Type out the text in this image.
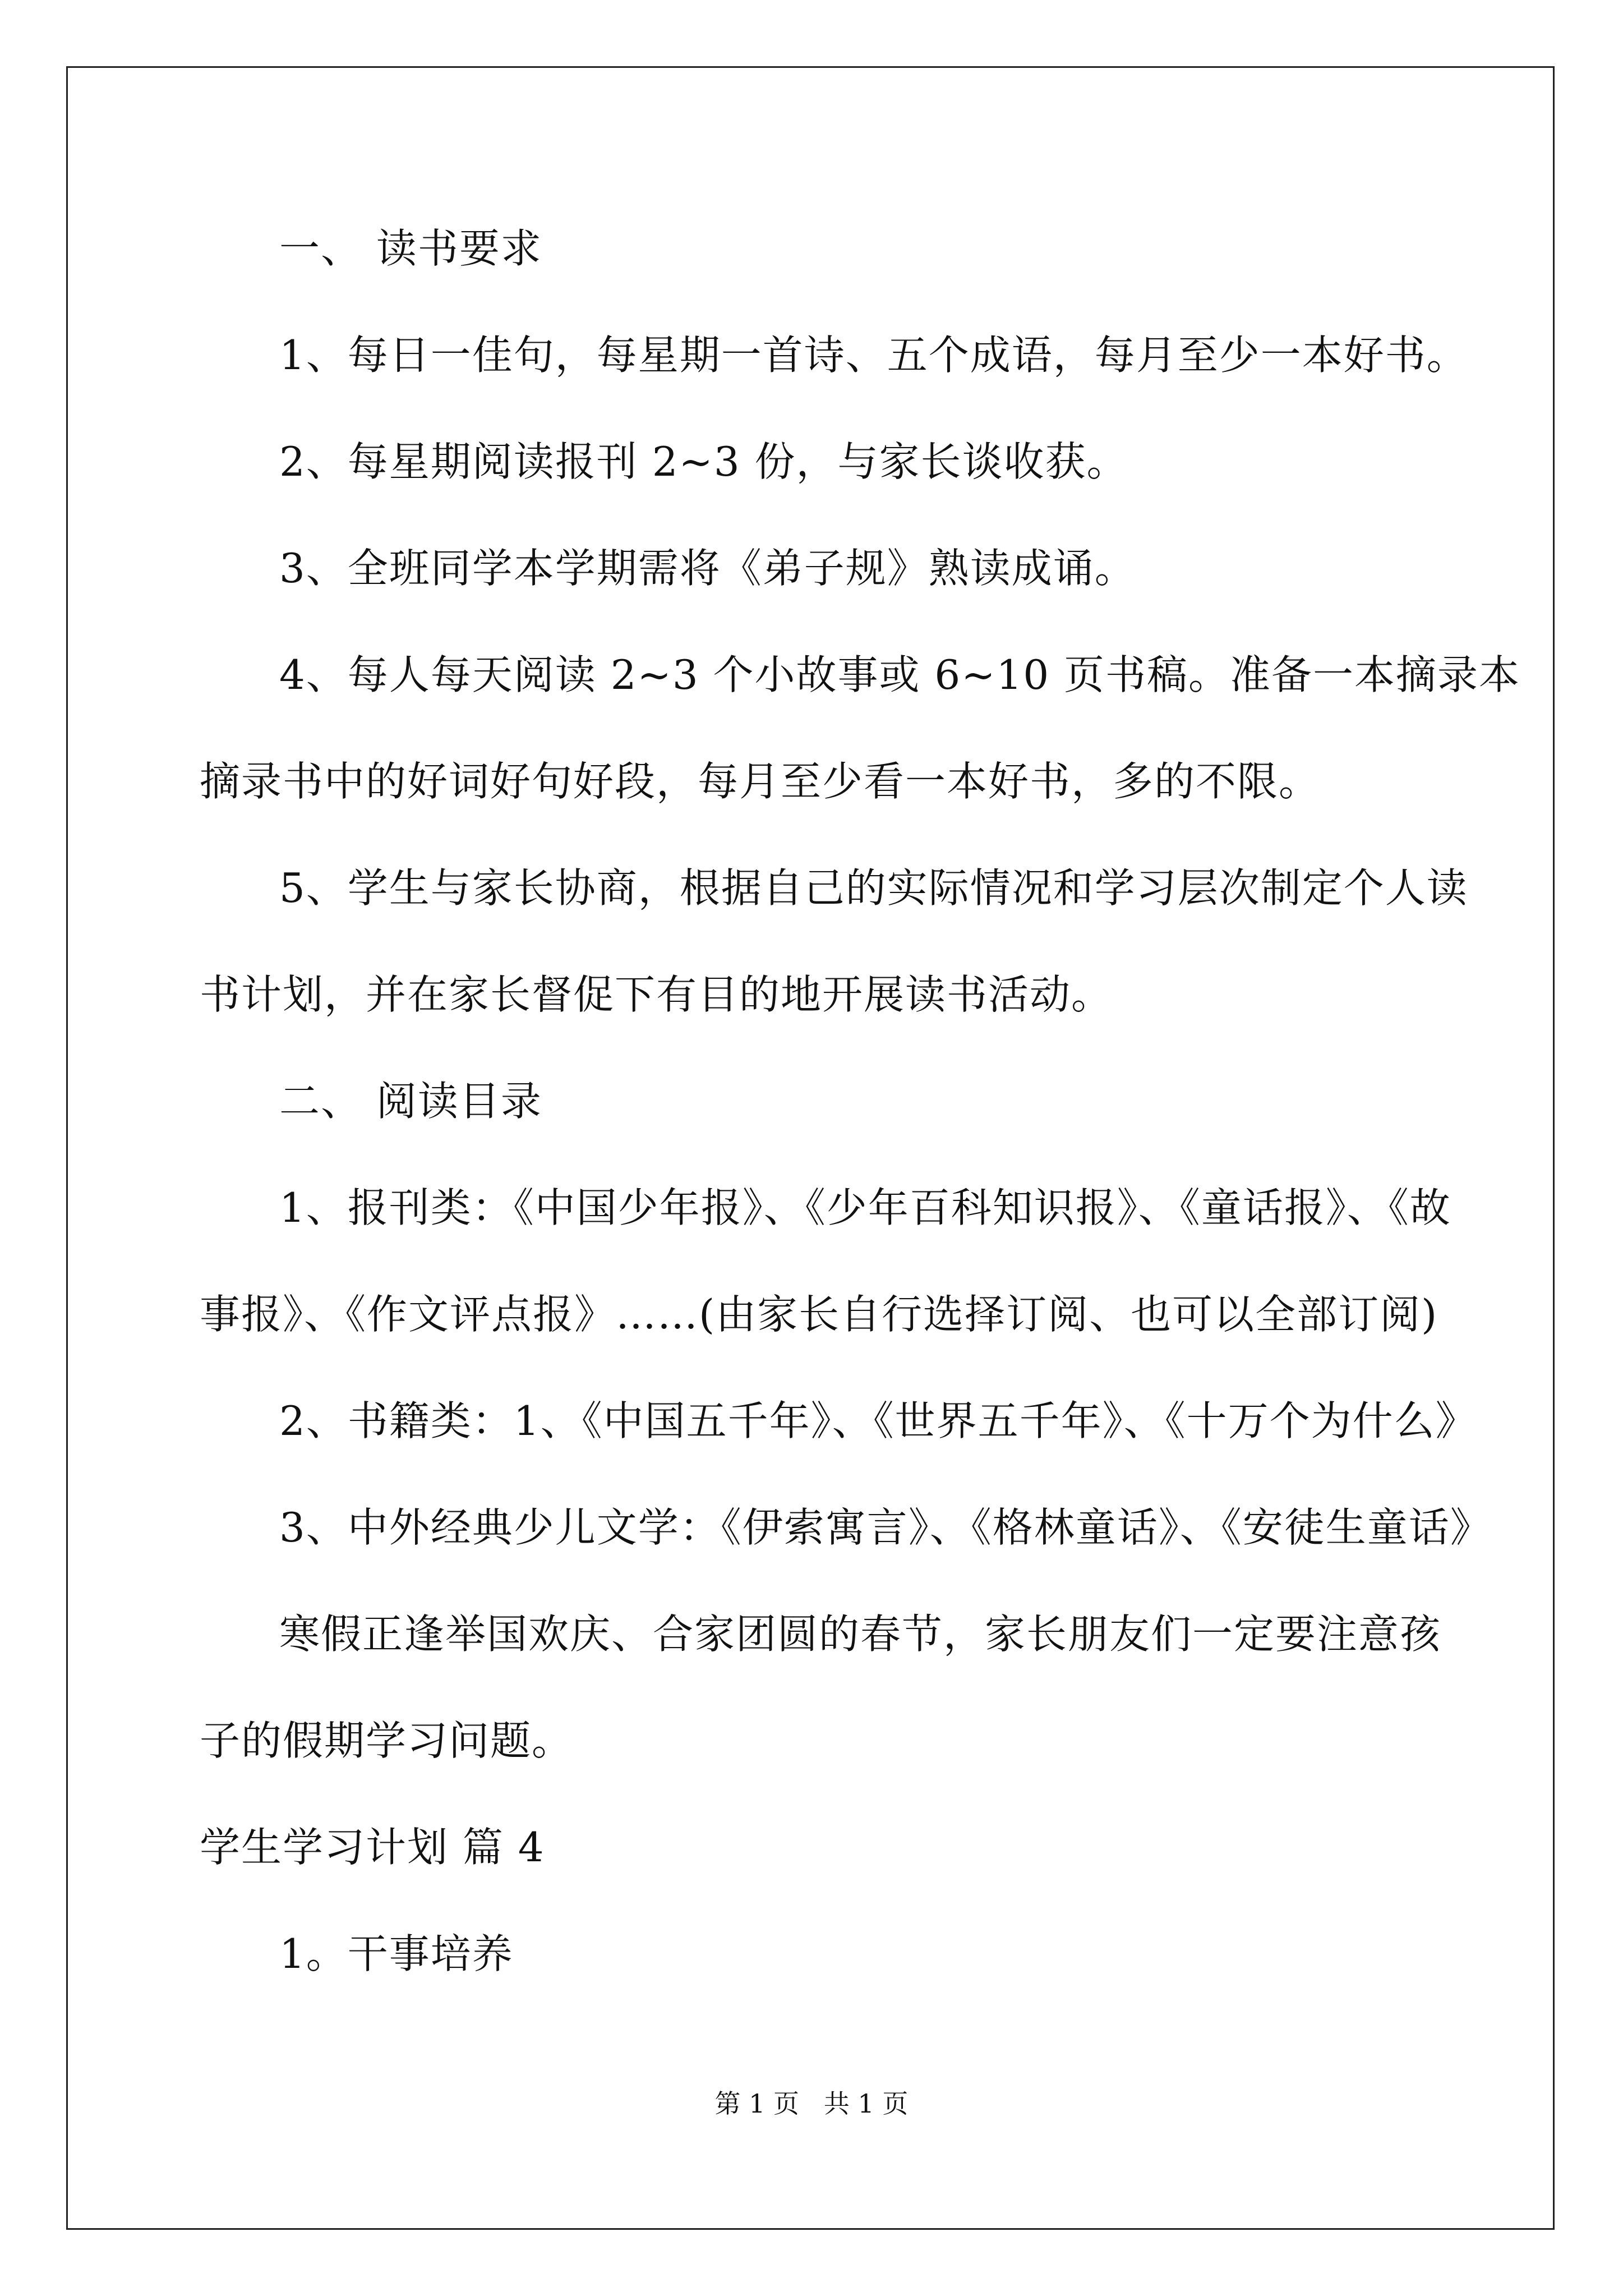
一、 读书要求
1、每日一佳句，每星期一首诗、五个成语，每月至少一本好书。
2、每星期阅读报刊 2~3 份，与家长谈收获。
3、全班同学本学期需将《弟子规》熟读成诵。
4、每人每天阅读 2~3 个小故事或 6~10 页书稿。准备一本摘录本
摘录书中的好词好句好段，每月至少看一本好书，多的不限。
5、学生与家长协商，根据自己的实际情况和学习层次制定个人读
书计划，并在家长督促下有目的地开展读书活动。
二、 阅读目录
1、报刊类：《中国少年报》、《少年百科知识报》、《童话报》、《故
事报》、《作文评点报》……(由家长自行选择订阅、也可以全部订阅)
2、书籍类：1、《中国五千年》、《世界五千年》、《十万个为什么》
3、中外经典少儿文学：《伊索寓言》、《格林童话》、《安徒生童话》
寒假正逢举国欢庆、合家团圆的春节，家长朋友们一定要注意孩
子的假期学习问题。
学生学习计划 篇 4
1。干事培养
第 1 页   共 1 页
